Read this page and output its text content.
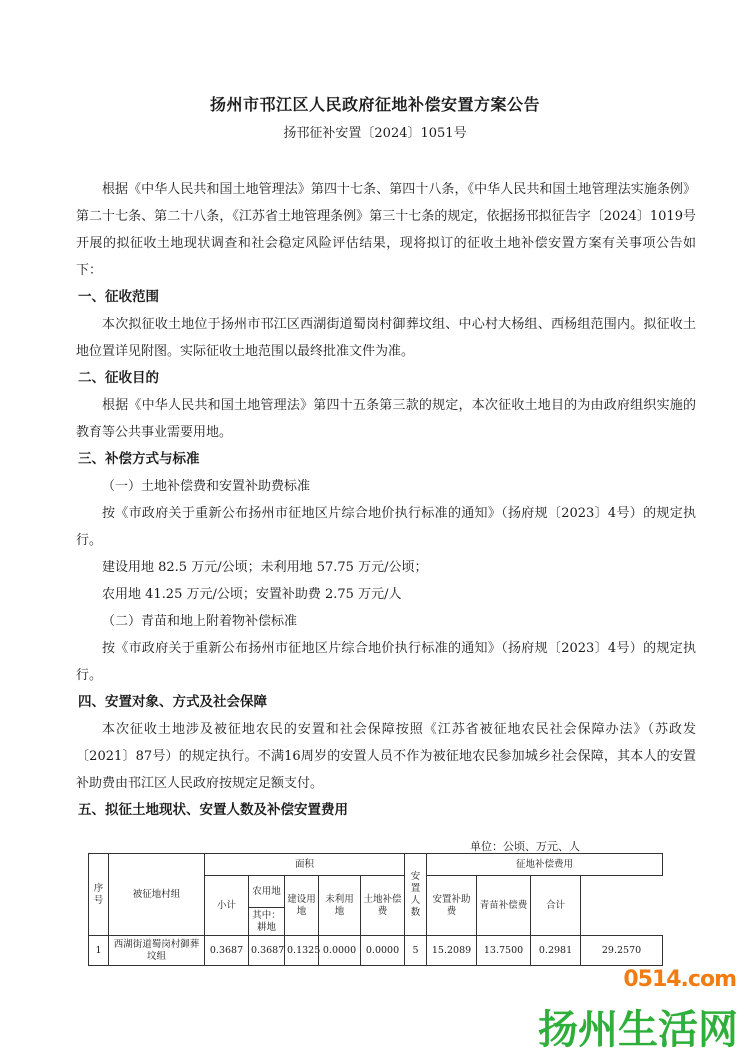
扬州市邗江区人民政府征地补偿安置方案公告
扬邗征补安置〔2024〕1051号

根据《中华人民共和国土地管理法》第四十七条、第四十八条，《中华人民共和国土地管理法实施条例》第二十七条、第二十八条，《江苏省土地管理条例》第三十七条的规定，依据扬邗拟征告字〔2024〕1019号开展的拟征收土地现状调查和社会稳定风险评估结果，现将拟订的征收土地补偿安置方案有关事项公告如下：

一、征收范围

本次拟征收土地位于扬州市邗江区西湖街道蜀岗村御葬坟组、中心村大杨组、西杨组范围内。拟征收土地位置详见附图。实际征收土地范围以最终批准文件为准。

二、征收目的

根据《中华人民共和国土地管理法》第四十五条第三款的规定，本次征收土地目的为由政府组织实施的教育等公共事业需要用地。

三、补偿方式与标准

（一）土地补偿费和安置补助费标准

按《市政府关于重新公布扬州市征地区片综合地价执行标准的通知》（扬府规〔2023〕4号）的规定执行。

建设用地 82.5 万元/公顷；未利用地 57.75 万元/公顷；

农用地 41.25 万元/公顷；安置补助费 2.75 万元/人

（二）青苗和地上附着物补偿标准

按《市政府关于重新公布扬州市征地区片综合地价执行标准的通知》（扬府规〔2023〕4号）的规定执行。

四、安置对象、方式及社会保障

本次征收土地涉及被征地农民的安置和社会保障按照《江苏省被征地农民社会保障办法》（苏政发〔2021〕87号）的规定执行。不满16周岁的安置人员不作为被征地农民参加城乡社会保障，其本人的安置补助费由邗江区人民政府按规定足额支付。

五、拟征土地现状、安置人数及补偿安置费用

单位：公顷、万元、人
序号	被征地村组	面积					安置人数	征地补偿费用			
		小计	农用地	建设用地	未利用地	土地补偿费		安置补助费	青苗补偿费	合计	
			其中：耕地								
1	西湖街道蜀岗村御葬坟组	0.3687	0.3687	0.1325	0.0000	0.0000	5	15.2089	13.7500	0.2981	29.2570
0514.com
扬州生活网
